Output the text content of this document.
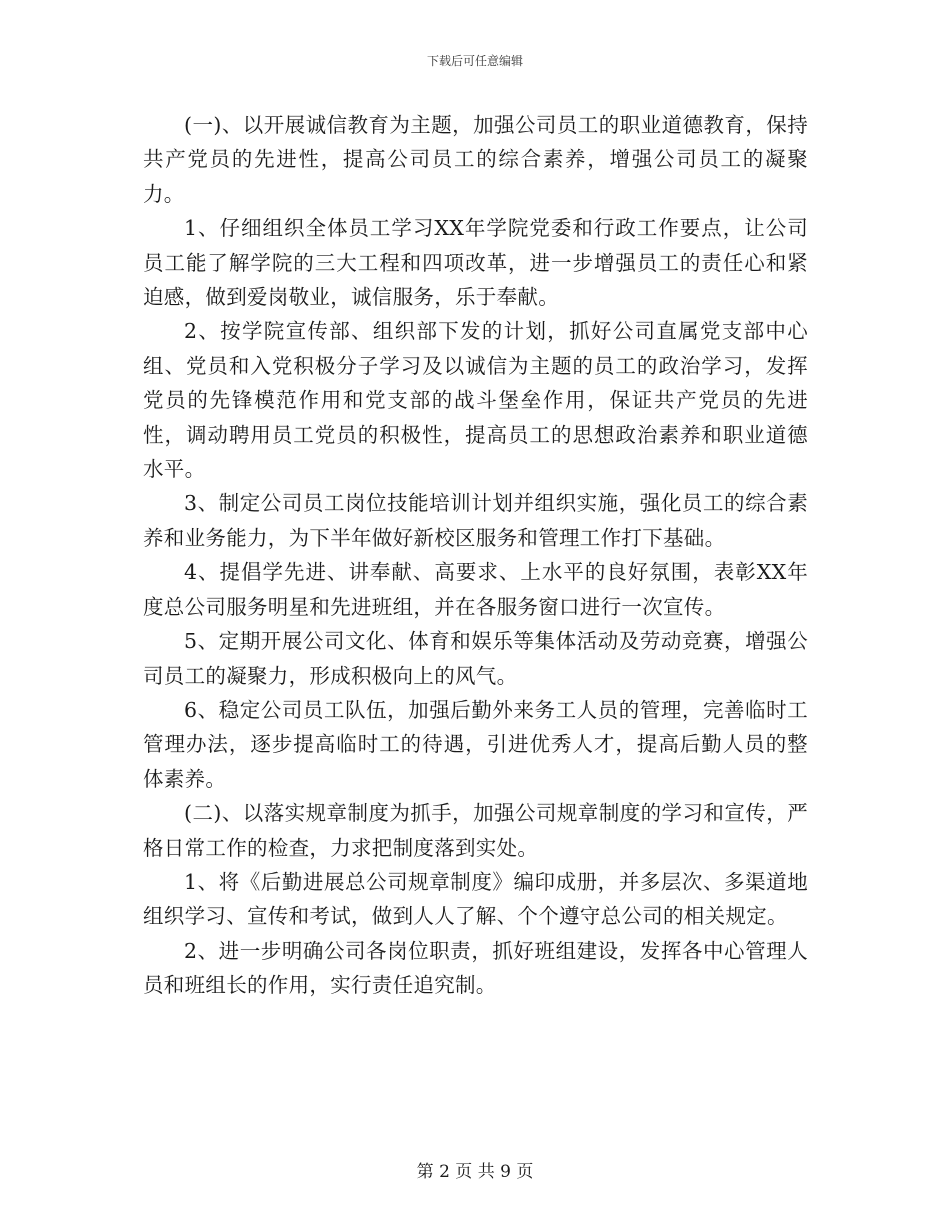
下载后可任意编辑

(一)、以开展诚信教育为主题，加强公司员工的职业道德教育，保持共产党员的先进性，提高公司员工的综合素养，增强公司员工的凝聚力。

1、仔细组织全体员工学习XX年学院党委和行政工作要点，让公司员工能了解学院的三大工程和四项改革，进一步增强员工的责任心和紧迫感，做到爱岗敬业，诚信服务，乐于奉献。

2、按学院宣传部、组织部下发的计划，抓好公司直属党支部中心组、党员和入党积极分子学习及以诚信为主题的员工的政治学习，发挥党员的先锋模范作用和党支部的战斗堡垒作用，保证共产党员的先进性，调动聘用员工党员的积极性，提高员工的思想政治素养和职业道德水平。

3、制定公司员工岗位技能培训计划并组织实施，强化员工的综合素养和业务能力，为下半年做好新校区服务和管理工作打下基础。

4、提倡学先进、讲奉献、高要求、上水平的良好氛围，表彰XX年度总公司服务明星和先进班组，并在各服务窗口进行一次宣传。

5、定期开展公司文化、体育和娱乐等集体活动及劳动竞赛，增强公司员工的凝聚力，形成积极向上的风气。

6、稳定公司员工队伍，加强后勤外来务工人员的管理，完善临时工管理办法，逐步提高临时工的待遇，引进优秀人才，提高后勤人员的整体素养。

(二)、以落实规章制度为抓手，加强公司规章制度的学习和宣传，严格日常工作的检查，力求把制度落到实处。

1、将《后勤进展总公司规章制度》编印成册，并多层次、多渠道地组织学习、宣传和考试，做到人人了解、个个遵守总公司的相关规定。

2、进一步明确公司各岗位职责，抓好班组建设，发挥各中心管理人员和班组长的作用，实行责任追究制。

第 2 页 共 9 页
